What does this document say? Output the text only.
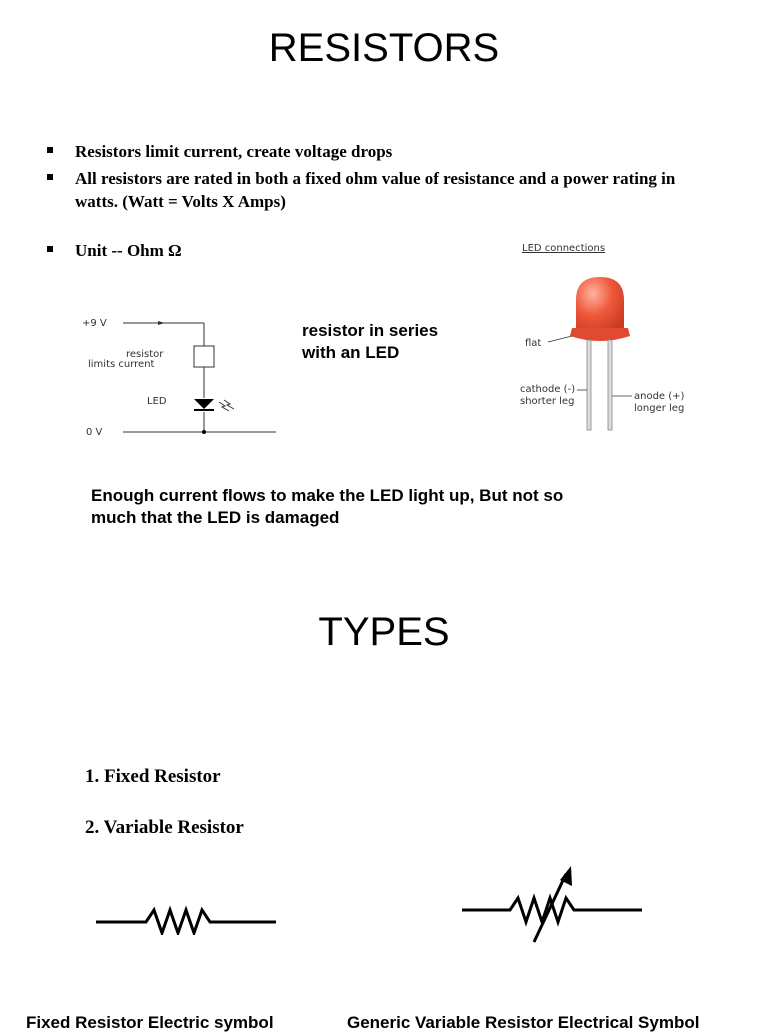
RESISTORS
Resistors limit current, create voltage drops
All resistors are rated in both a fixed ohm value of resistance and a power rating in watts. (Watt = Volts X Amps)
Unit -- Ohm Ω
+9 V
resistor
limits current
LED
0 V
resistor in series
with an LED
LED connections
flat
cathode (-)
shorter leg	anode (+)
longer leg
Enough current flows to make the LED light up, But not so
much that the LED is damaged
TYPES
1. Fixed Resistor
2. Variable Resistor
Fixed Resistor Electric symbol	Generic Variable Resistor Electrical Symbol
